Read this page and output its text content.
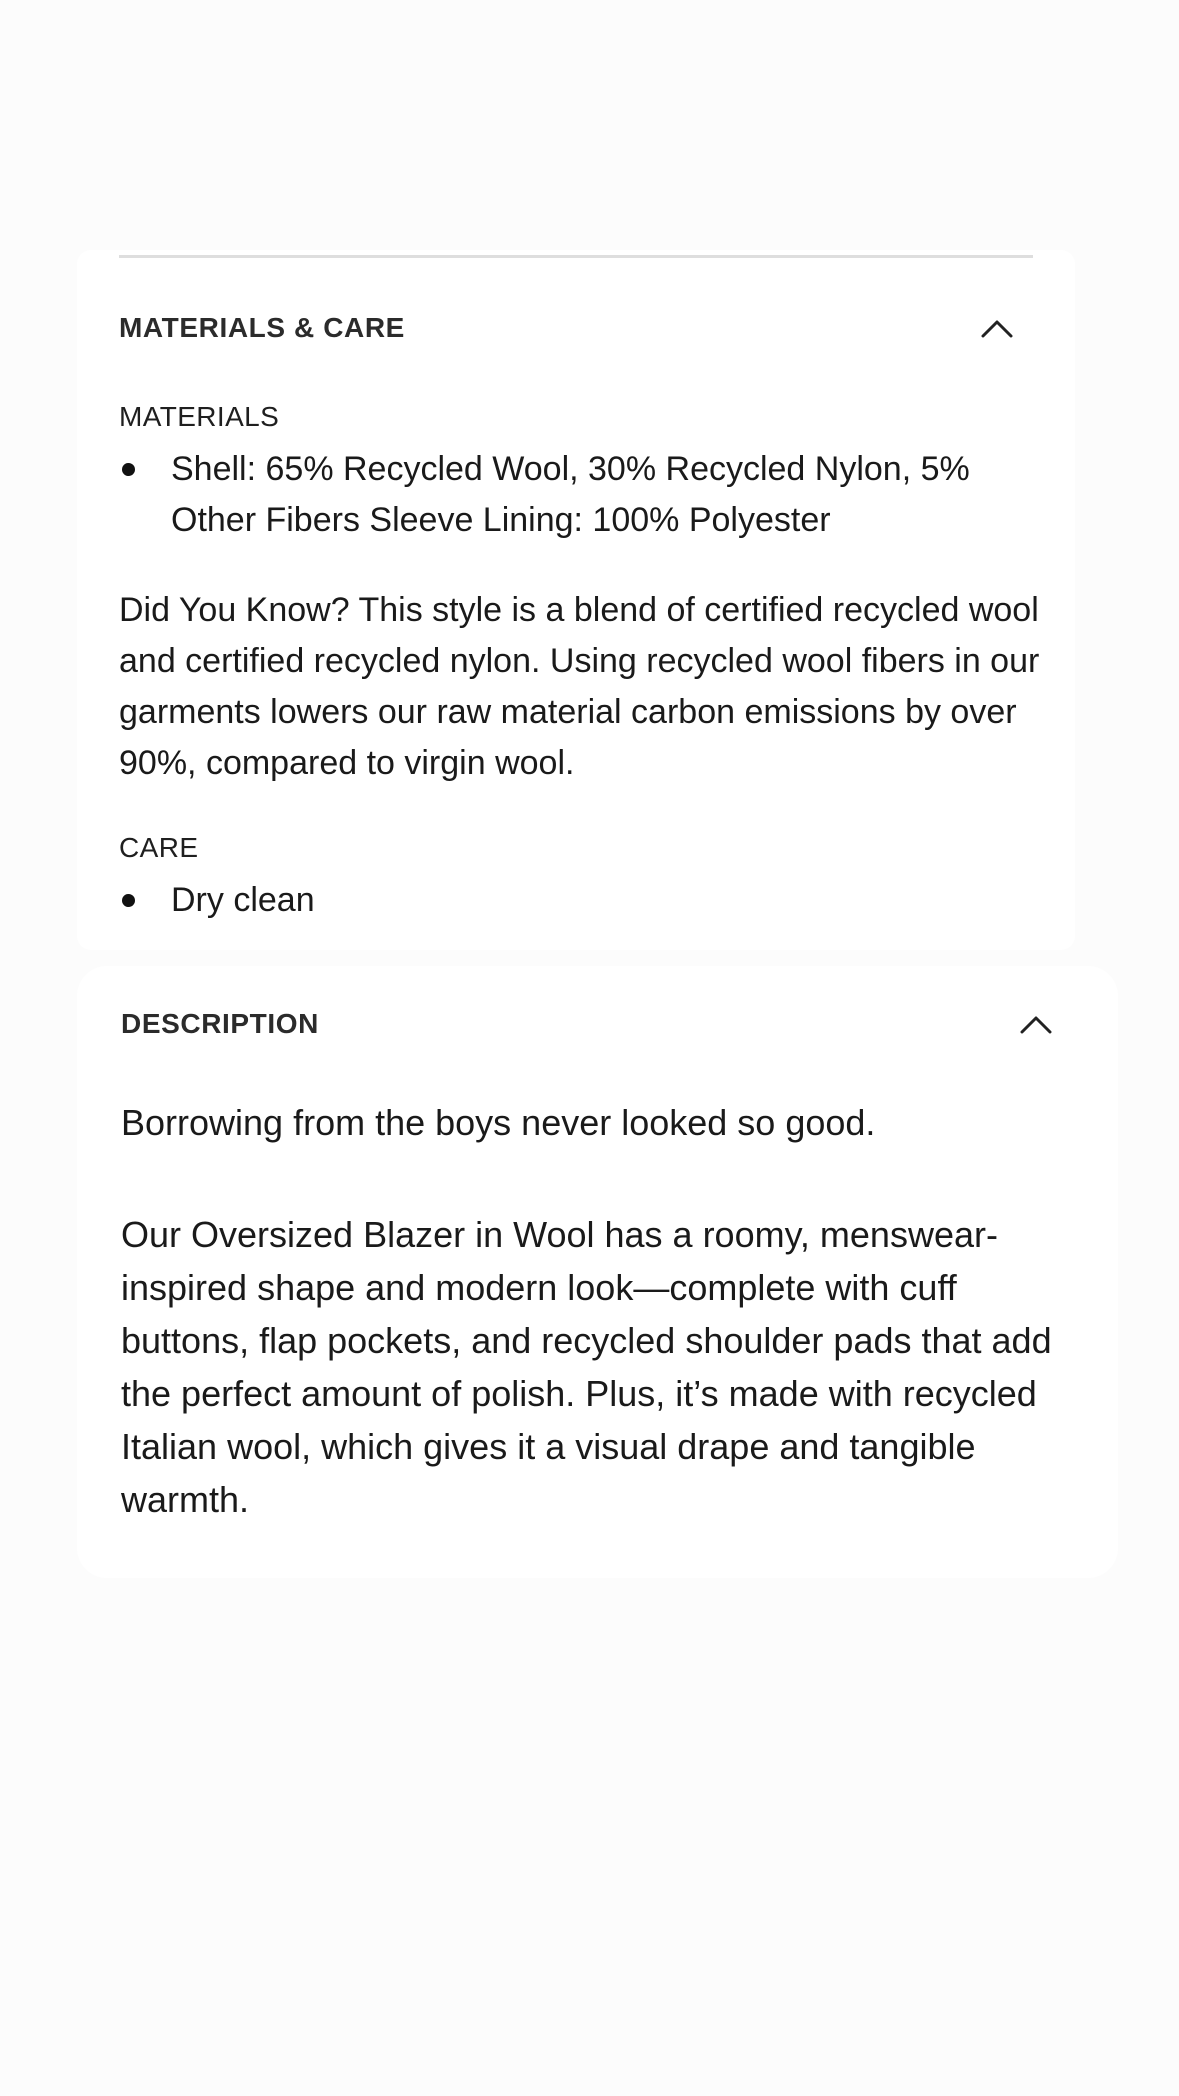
MATERIALS & CARE
MATERIALS
Shell: 65% Recycled Wool, 30% Recycled Nylon, 5% Other Fibers Sleeve Lining: 100% Polyester

Did You Know? This style is a blend of certified recycled wool and certified recycled nylon. Using recycled wool fibers in our garments lowers our raw material carbon emissions by over 90%, compared to virgin wool.

CARE
Dry clean
DESCRIPTION

Borrowing from the boys never looked so good.

Our Oversized Blazer in Wool has a roomy, menswear-inspired shape and modern look—complete with cuff buttons, flap pockets, and recycled shoulder pads that add the perfect amount of polish. Plus, it’s made with recycled Italian wool, which gives it a visual drape and tangible warmth.
